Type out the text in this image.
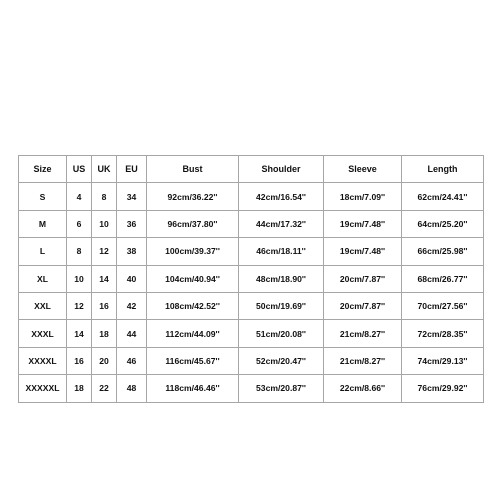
Size	US	UK	EU	Bust	Shoulder	Sleeve	Length
S	4	8	34	92cm/36.22''	42cm/16.54''	18cm/7.09''	62cm/24.41''
M	6	10	36	96cm/37.80''	44cm/17.32''	19cm/7.48''	64cm/25.20''
L	8	12	38	100cm/39.37''	46cm/18.11''	19cm/7.48''	66cm/25.98''
XL	10	14	40	104cm/40.94''	48cm/18.90''	20cm/7.87''	68cm/26.77''
XXL	12	16	42	108cm/42.52''	50cm/19.69''	20cm/7.87''	70cm/27.56''
XXXL	14	18	44	112cm/44.09''	51cm/20.08''	21cm/8.27''	72cm/28.35''
XXXXL	16	20	46	116cm/45.67''	52cm/20.47''	21cm/8.27''	74cm/29.13''
XXXXXL	18	22	48	118cm/46.46''	53cm/20.87''	22cm/8.66''	76cm/29.92''
